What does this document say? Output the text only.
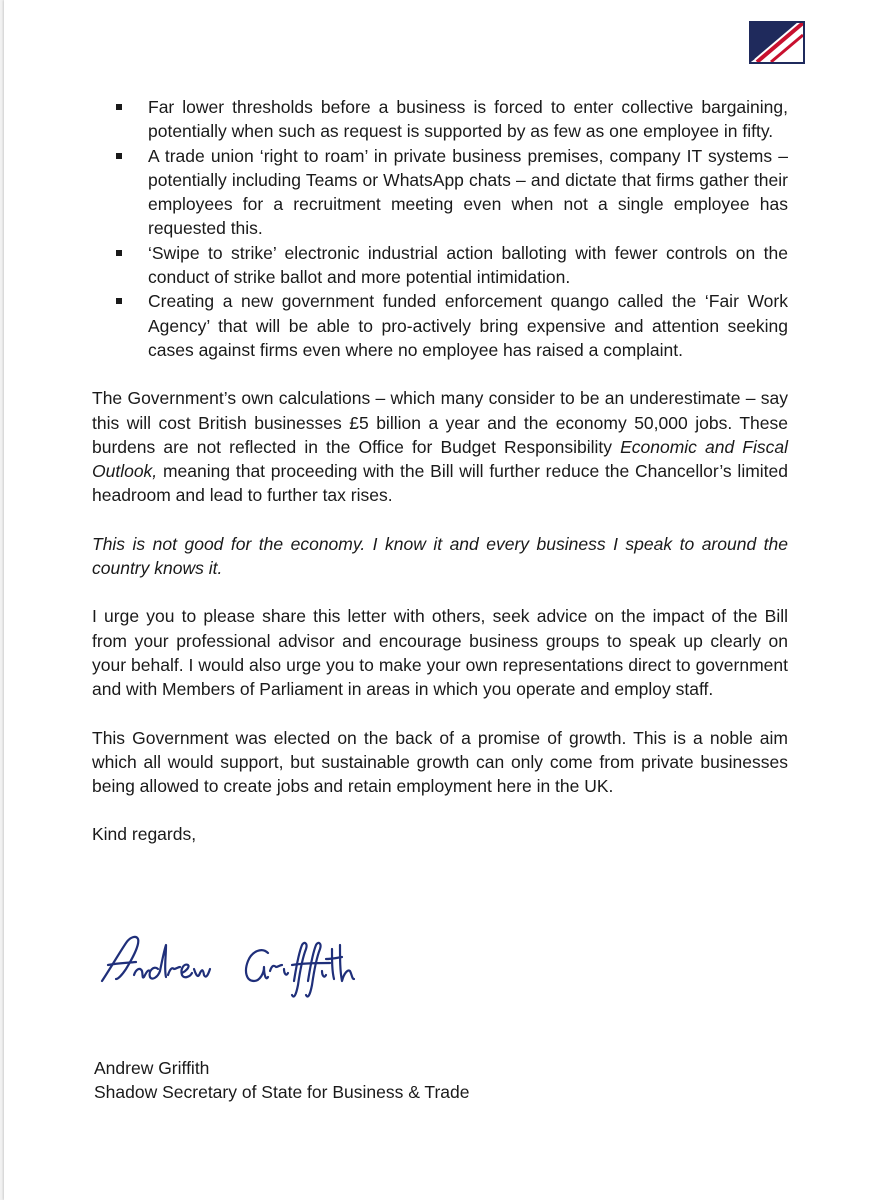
Far lower thresholds before a business is forced to enter collective bargaining, potentially when such as request is supported by as few as one employee in fifty.
A trade union ‘right to roam’ in private business premises, company IT systems – potentially including Teams or WhatsApp chats – and dictate that firms gather their employees for a recruitment meeting even when not a single employee has requested this.
‘Swipe to strike’ electronic industrial action balloting with fewer controls on the conduct of strike ballot and more potential intimidation.
Creating a new government funded enforcement quango called the ‘Fair Work Agency’ that will be able to pro-actively bring expensive and attention seeking cases against firms even where no employee has raised a complaint.

The Government’s own calculations – which many consider to be an underestimate – say this will cost British businesses £5 billion a year and the economy 50,000 jobs. These burdens are not reflected in the Office for Budget Responsibility Economic and Fiscal Outlook, meaning that proceeding with the Bill will further reduce the Chancellor’s limited headroom and lead to further tax rises.

This is not good for the economy. I know it and every business I speak to around the country knows it.

I urge you to please share this letter with others, seek advice on the impact of the Bill from your professional advisor and encourage business groups to speak up clearly on your behalf. I would also urge you to make your own representations direct to government and with Members of Parliament in areas in which you operate and employ staff.

This Government was elected on the back of a promise of growth. This is a noble aim which all would support, but sustainable growth can only come from private businesses being allowed to create jobs and retain employment here in the UK.

Kind regards,

Andrew Griffith
Shadow Secretary of State for Business & Trade
